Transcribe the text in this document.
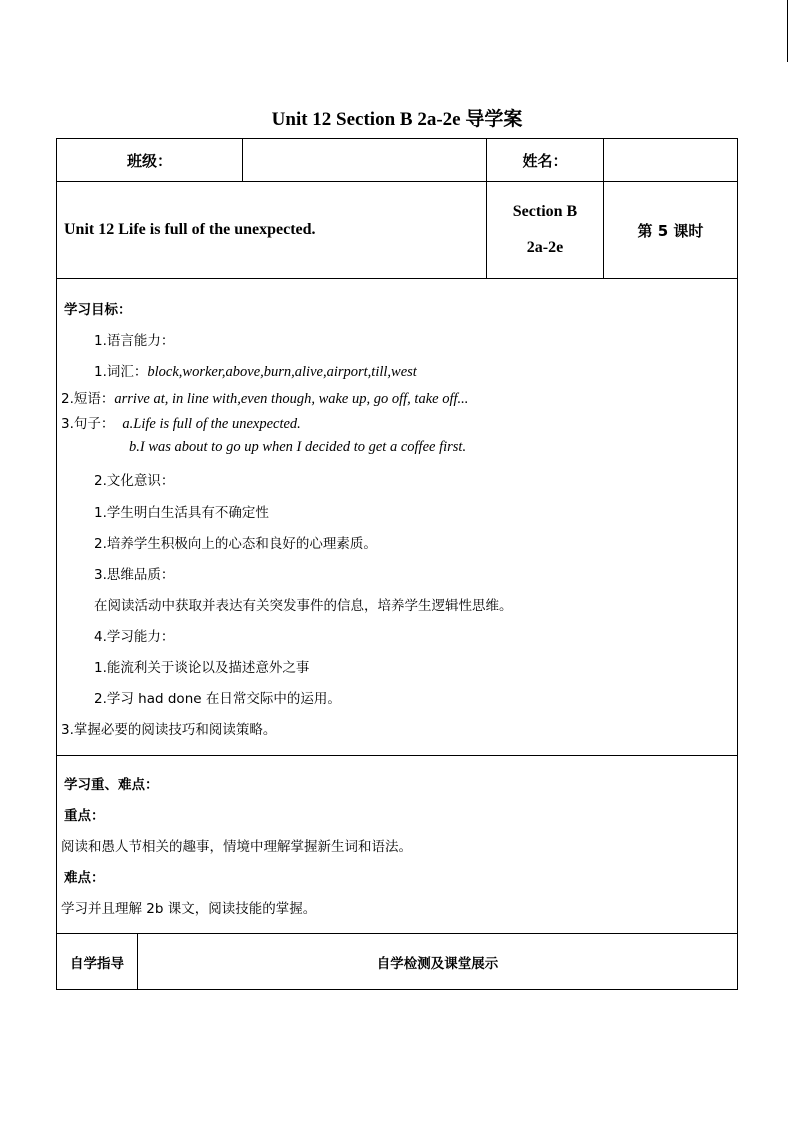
Unit 12 Section B 2a-2e 导学案
班级：	姓名：
Unit 12 Life is full of the unexpected.
Section B
2a-2e
第 5 课时
学习目标：
1.语言能力：
1.词汇：block,worker,above,burn,alive,airport,till,west
2.短语：arrive at, in line with,even though, wake up, go off, take off...
3.句子： a.Life is full of the unexpected.
b.I was about to go up when I decided to get a coffee first.
2.文化意识：
1.学生明白生活具有不确定性
2.培养学生积极向上的心态和良好的心理素质。
3.思维品质：
在阅读活动中获取并表达有关突发事件的信息，培养学生逻辑性思维。
4.学习能力：
1.能流利关于谈论以及描述意外之事
2.学习 had done 在日常交际中的运用。
3.掌握必要的阅读技巧和阅读策略。
学习重、难点：
重点：
阅读和愚人节相关的趣事，情境中理解掌握新生词和语法。
难点：
学习并且理解 2b 课文，阅读技能的掌握。
自学指导	自学检测及课堂展示
